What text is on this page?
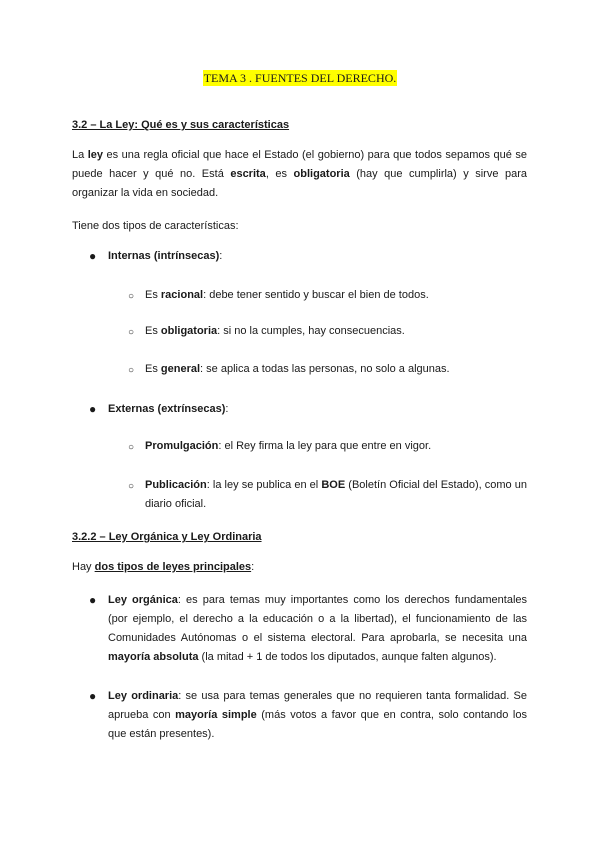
TEMA 3 . FUENTES DEL DERECHO.
3.2 – La Ley: Qué es y sus características
La ley es una regla oficial que hace el Estado (el gobierno) para que todos sepamos qué se puede hacer y qué no. Está escrita, es obligatoria (hay que cumplirla) y sirve para organizar la vida en sociedad.
Tiene dos tipos de características:
● Internas (intrínsecas):
○ Es racional: debe tener sentido y buscar el bien de todos.
○ Es obligatoria: si no la cumples, hay consecuencias.
○ Es general: se aplica a todas las personas, no solo a algunas.
● Externas (extrínsecas):
○ Promulgación: el Rey firma la ley para que entre en vigor.
○ Publicación: la ley se publica en el BOE (Boletín Oficial del Estado), como un diario oficial.
3.2.2 – Ley Orgánica y Ley Ordinaria
Hay dos tipos de leyes principales:
● Ley orgánica: es para temas muy importantes como los derechos fundamentales (por ejemplo, el derecho a la educación o a la libertad), el funcionamiento de las Comunidades Autónomas o el sistema electoral. Para aprobarla, se necesita una mayoría absoluta (la mitad + 1 de todos los diputados, aunque falten algunos).
● Ley ordinaria: se usa para temas generales que no requieren tanta formalidad. Se aprueba con mayoría simple (más votos a favor que en contra, solo contando los que están presentes).
